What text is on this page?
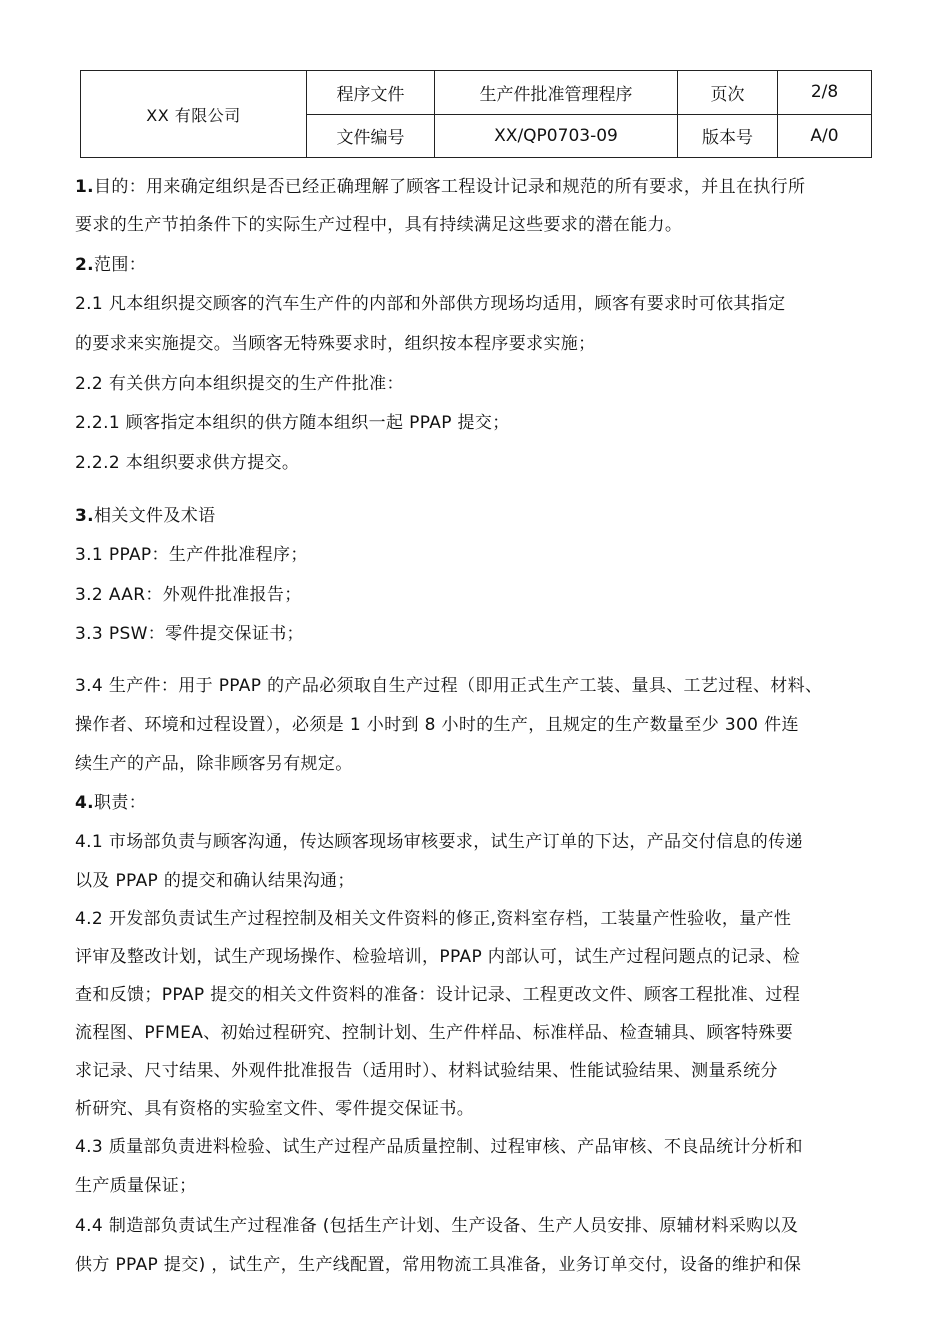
XX 有限公司	程序文件	生产件批准管理程序	页次	2/8
	文件编号	XX/QP0703-09	版本号	A/0
1.目的：用来确定组织是否已经正确理解了顾客工程设计记录和规范的所有要求，并且在执行所
要求的生产节拍条件下的实际生产过程中，具有持续满足这些要求的潜在能力。
2.范围：
2.1 凡本组织提交顾客的汽车生产件的内部和外部供方现场均适用，顾客有要求时可依其指定
的要求来实施提交。当顾客无特殊要求时，组织按本程序要求实施；
2.2 有关供方向本组织提交的生产件批准：
2.2.1 顾客指定本组织的供方随本组织一起 PPAP 提交；
2.2.2 本组织要求供方提交。
3.相关文件及术语
3.1 PPAP：生产件批准程序；
3.2 AAR：外观件批准报告；
3.3 PSW：零件提交保证书；
3.4 生产件：用于 PPAP 的产品必须取自生产过程（即用正式生产工装、量具、工艺过程、材料、
操作者、环境和过程设置），必须是 1 小时到 8 小时的生产，且规定的生产数量至少 300 件连
续生产的产品，除非顾客另有规定。
4.职责：
4.1 市场部负责与顾客沟通，传达顾客现场审核要求，试生产订单的下达，产品交付信息的传递
以及 PPAP 的提交和确认结果沟通；
4.2 开发部负责试生产过程控制及相关文件资料的修正,资料室存档，工装量产性验收，量产性
评审及整改计划，试生产现场操作、检验培训，PPAP 内部认可，试生产过程问题点的记录、检
查和反馈；PPAP 提交的相关文件资料的准备：设计记录、工程更改文件、顾客工程批准、过程
流程图、PFMEA、初始过程研究、控制计划、生产件样品、标准样品、检查辅具、顾客特殊要
求记录、尺寸结果、外观件批准报告（适用时）、材料试验结果、性能试验结果、测量系统分
析研究、具有资格的实验室文件、零件提交保证书。
4.3 质量部负责进料检验、试生产过程产品质量控制、过程审核、产品审核、不良品统计分析和
生产质量保证；
4.4 制造部负责试生产过程准备 (包括生产计划、生产设备、生产人员安排、原辅材料采购以及
供方 PPAP 提交) ，试生产，生产线配置，常用物流工具准备，业务订单交付，设备的维护和保
